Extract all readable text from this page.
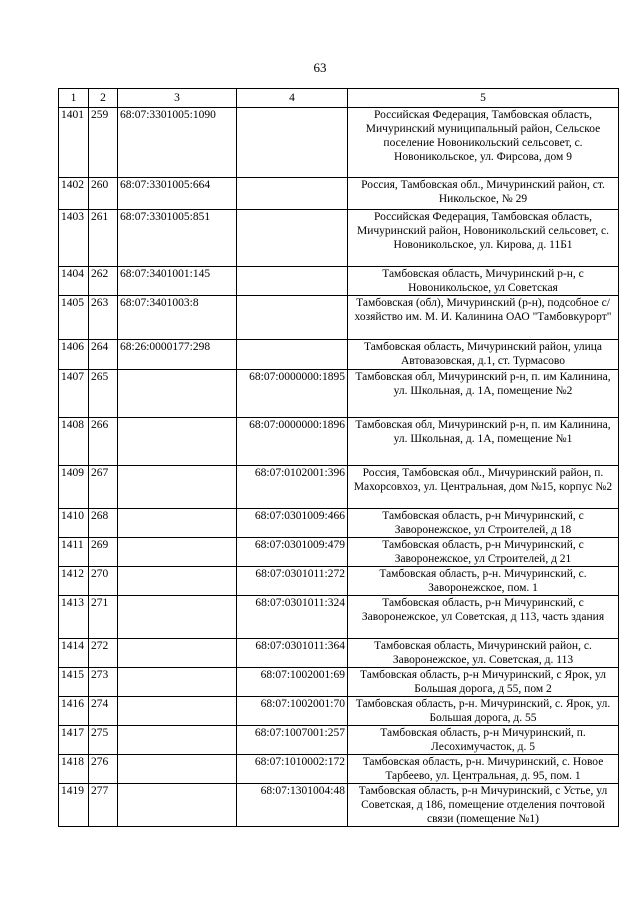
63
1	2	3	4	5
1401	259	68:07:3301005:1090		Российская Федерация, Тамбовская область, Мичуринский муниципальный район, Сельское поселение Новоникольский сельсовет, с. Новоникольское, ул. Фирсова, дом 9
1402	260	68:07:3301005:664		Россия, Тамбовская обл., Мичуринский район, ст. Никольское, № 29
1403	261	68:07:3301005:851		Российская Федерация, Тамбовская область, Мичуринский район, Новоникольский сельсовет, с. Новоникольское, ул. Кирова, д. 11Б1
1404	262	68:07:3401001:145		Тамбовская область, Мичуринский р-н, с Новоникольское, ул Советская
1405	263	68:07:3401003:8		Тамбовская (обл), Мичуринский (р-н), подсобное с/хозяйство им. М. И. Калинина ОАО "Тамбовкурорт"
1406	264	68:26:0000177:298		Тамбовская область, Мичуринский район, улица Автовазовская, д.1, ст. Турмасово
1407	265		68:07:0000000:1895	Тамбовская обл, Мичуринский р-н, п. им Калинина, ул. Школьная, д. 1А, помещение №2
1408	266		68:07:0000000:1896	Тамбовская обл, Мичуринский р-н, п. им Калинина, ул. Школьная, д. 1А, помещение №1
1409	267		68:07:0102001:396	Россия, Тамбовская обл., Мичуринский район, п. Махорсовхоз, ул. Центральная, дом №15, корпус №2
1410	268		68:07:0301009:466	Тамбовская область, р-н Мичуринский, с Заворонежское, ул Строителей, д 18
1411	269		68:07:0301009:479	Тамбовская область, р-н Мичуринский, с Заворонежское, ул Строителей, д 21
1412	270		68:07:0301011:272	Тамбовская область, р-н. Мичуринский, с. Заворонежское, пом. 1
1413	271		68:07:0301011:324	Тамбовская область, р-н Мичуринский, с Заворонежское, ул Советская, д 113, часть здания
1414	272		68:07:0301011:364	Тамбовская область, Мичуринский район, с. Заворонежское, ул. Советская, д. 113
1415	273		68:07:1002001:69	Тамбовская область, р-н Мичуринский, с Ярок, ул Большая дорога, д 55, пом 2
1416	274		68:07:1002001:70	Тамбовская область, р-н. Мичуринский, с. Ярок, ул. Большая дорога, д. 55
1417	275		68:07:1007001:257	Тамбовская область, р-н Мичуринский, п. Лесохимучасток, д. 5
1418	276		68:07:1010002:172	Тамбовская область, р-н. Мичуринский, с. Новое Тарбеево, ул. Центральная, д. 95, пом. 1
1419	277		68:07:1301004:48	Тамбовская область, р-н Мичуринский, с Устье, ул Советская, д 186, помещение отделения почтовой связи (помещение №1)
